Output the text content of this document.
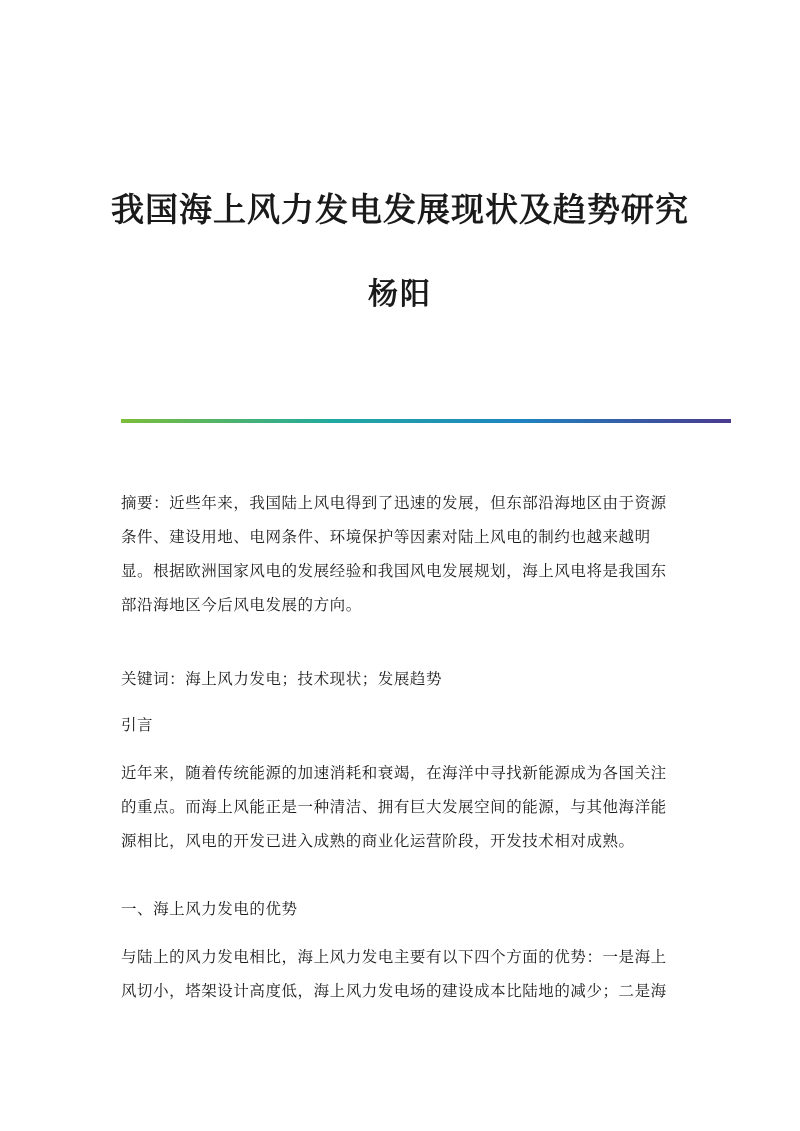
我国海上风力发电发展现状及趋势研究
杨阳
摘要：近些年来，我国陆上风电得到了迅速的发展，但东部沿海地区由于资源
条件、建设用地、电网条件、环境保护等因素对陆上风电的制约也越来越明
显。根据欧洲国家风电的发展经验和我国风电发展规划，海上风电将是我国东
部沿海地区今后风电发展的方向。
关键词：海上风力发电；技术现状；发展趋势
引言
近年来，随着传统能源的加速消耗和衰竭，在海洋中寻找新能源成为各国关注
的重点。而海上风能正是一种清洁、拥有巨大发展空间的能源，与其他海洋能
源相比，风电的开发已进入成熟的商业化运营阶段，开发技术相对成熟。
一、海上风力发电的优势
与陆上的风力发电相比，海上风力发电主要有以下四个方面的优势：一是海上
风切小，塔架设计高度低，海上风力发电场的建设成本比陆地的减少；二是海
